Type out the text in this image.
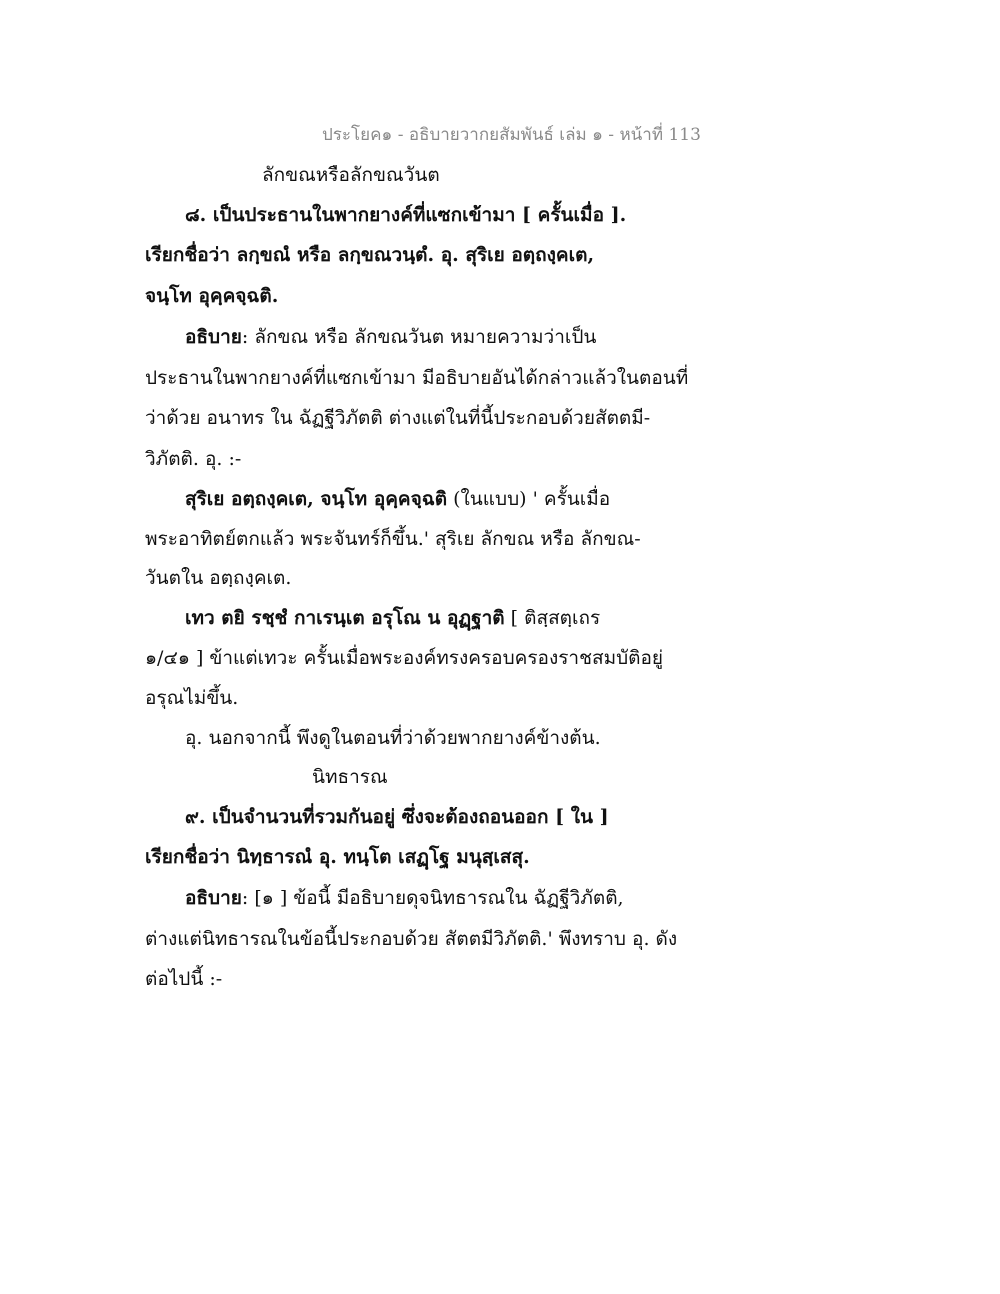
ประโยค๑ - อธิบายวากยสัมพันธ์ เล่ม ๑ - หน้าที่ 113
ลักขณหรือลักขณวันต
๘. เป็นประธานในพากยางค์ที่แซกเข้ามา [ ครั้นเมื่อ ].
เรียกชื่อว่า ลกฺขณํ หรือ ลกฺขณวนฺตํ. อุ. สุริเย อตฺถงฺคเต,
จนฺโท อุคฺคจฺฉติ.
อธิบาย: ลักขณ หรือ ลักขณวันต หมายความว่าเป็น
ประธานในพากยางค์ที่แซกเข้ามา มีอธิบายอันได้กล่าวแล้วในตอนที่
ว่าด้วย อนาทร ใน ฉัฏฐีวิภัตติ ต่างแต่ในที่นี้ประกอบด้วยสัตตมี-
วิภัตติ. อุ. :-
สุริเย อตฺถงฺคเต, จนฺโท อุคฺคจฺฉติ (ในแบบ) ' ครั้นเมื่อ
พระอาทิตย์ตกแล้ว พระจันทร์ก็ขึ้น.' สุริเย ลักขณ หรือ ลักขณ-
วันตใน อตฺถงฺคเต.
เทว ตยิ รชฺชํ กาเรนฺเต อรุโณ น อุฏฺฐาติ [ ติสฺสตฺเถร
๑/๔๑ ] ข้าแต่เทวะ ครั้นเมื่อพระองค์ทรงครอบครองราชสมบัติอยู่
อรุณไม่ขึ้น.
อุ. นอกจากนี้ พึงดูในตอนที่ว่าด้วยพากยางค์ข้างต้น.
นิทธารณ
๙. เป็นจำนวนที่รวมกันอยู่ ซึ่งจะต้องถอนออก [ ใน ]
เรียกชื่อว่า นิทฺธารณํ อุ. ทนฺโต เสฏฺโฐ มนุสฺเสสุ.
อธิบาย: [๑ ] ข้อนี้ มีอธิบายดุจนิทธารณใน ฉัฏฐีวิภัตติ,
ต่างแต่นิทธารณในข้อนี้ประกอบด้วย สัตตมีวิภัตติ.' พึงทราบ อุ. ดัง
ต่อไปนี้ :-
